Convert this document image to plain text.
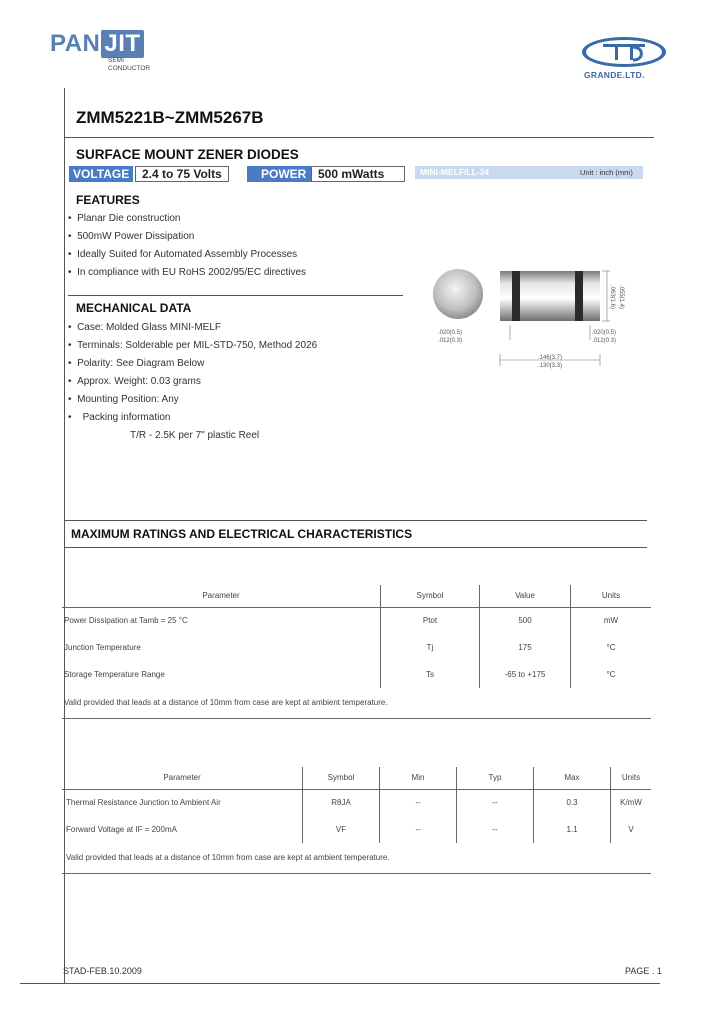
PAN JIT
SEMI
CONDUCTOR
GRANDE.LTD.
ZMM5221B~ZMM5267B
SURFACE MOUNT ZENER DIODES
VOLTAGE	2.4 to 75 Volts	POWER 500 mWatts	MINI-MELF/LL-34	Unit : inch (mm)
FEATURES
•  Planar Die construction
•  500mW Power Dissipation
•  Ideally Suited for Automated Assembly Processes
•  In compliance with EU RoHS 2002/95/EC directives
MECHANICAL DATA
•  Case: Molded Glass MINI-MELF
•  Terminals: Solderable per MIL-STD-750, Method 2026
•  Polarity: See Diagram Below
•  Approx. Weight: 0.03 grams
•  Mounting Position: Any
•    Packing information
T/R - 2.5K per 7" plastic Reel
.063(1.6) .055(1.4)
.020(0.5)
.012(0.3)
.020(0.5)
.012(0.3)
.146(3.7)
.130(3.3)
MAXIMUM RATINGS AND ELECTRICAL CHARACTERISTICS
Parameter	Symbol	Value	Units
Power Dissipation at Tamb = 25 °C	Ptot	500	mW
Junction Temperature	Tj	175	°C
Storage Temperature Range	Ts	-65 to +175	°C
Valid provided that leads at a distance of 10mm from case are kept at ambient temperature.			
Parameter	Symbol	Min	Typ	Max	Units
Thermal Resistance Junction to Ambient Air	RθJA	--	--	0.3	K/mW
Forward Voltage at IF = 200mA	VF	--	--	1.1	V
Valid provided that leads at a distance of 10mm from case are kept at ambient temperature.					
STAD-FEB.10.2009	PAGE . 1
